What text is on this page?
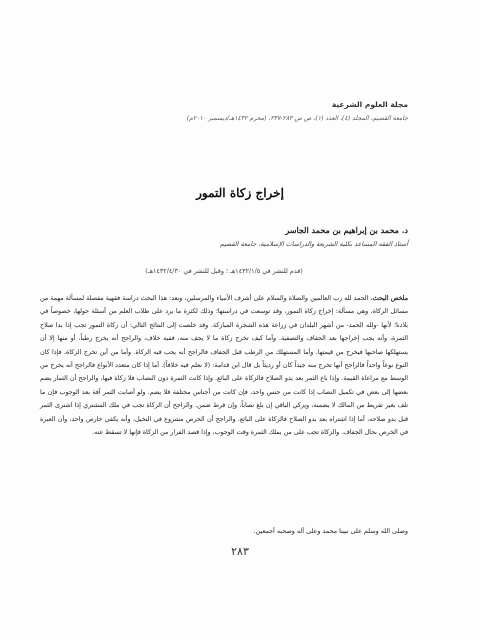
مجلة العلوم الشرعية
جامعة القصيم، المجلد (٤)، العدد (١)، ص ص ٢٨٣-٣٣٧، (محرم ١٤٣٢هـ/ديسمبر ٢٠١٠م)
إخراج زكاة التمور
د. محمد بن إبراهيم بن محمد الجاسر
أستاذ الفقه المساعد بكلية الشريعة والدراسات الإسلامية، جامعة القصيم
(قدم للنشر في ١٤٣٢/١/٥هـ ؛ وقبل للنشر في ١٤٣٢/٤/٣٠هـ)

ملخص البحث. الحمد لله رب العالمين والصلاة والسلام على أشرف الأنبياء والمرسلين، وبعد: هذا البحث دراسة فقهية مفصلة لمسألة مهمة من مسائل الزكاة، وهي مسألة: إخراج زكاة التمور، وقد توسعت في دراستها؛ وذلك لكثرة ما يرد على طلاب العلم من أسئلة حولها، خصوصاً في بلادنا؛ لأنها -ولله الحمد- من أشهر البلدان في زراعة هذه الشجرة المباركة. وقد خلصت إلى النتائج التالي: أن زكاة التمور تجب إذا بدا صلاح الثمرة، وأنه يجب إخراجها بعد الجفاف والتصفية. وأما كيف تخرج زكاة ما لا يجف منه، ففيه خلاف، والراجح أنه يخرج رطباً، أو منها إلا أن يستهلكها صاحبها فيخرج من قيمتها. وأما المستهلك من الرطب قبل الجفاف فالراجح أنه يجب فيه الزكاة. وأما من أين تخرج الزكاة، فإذا كان النوع نوعاً واحداً فالراجح أنها تخرج منه جيداً كان أو رديئاً بل قال ابن قدامة: (لا نعلم فيه خلافاً). أما إذا كان متعدد الأنواع فالراجح أنه يخرج من الوسط مع مراعاة القيمة. وإذا باع الثمر بعد بدو الصلاح فالزكاة على البائع. وإذا كانت الثمرة دون النصاب فلا زكاة فيها، والراجح أن الثمار يضم بعضها إلى بعض في تكميل النصاب إذا كانت من جنس واحد، فإن كانت من أجناس مختلفة فلا يضم. ولو أصابت الثمر آفة بعد الوجوب فإن ما تلف بغير تفريط من المالك لا يضمنه، ويزكي الباقي إن بلغ نصاباً، وإن فرط ضمن. والراجح أن الزكاة تجب في ملك المشتري إذا اشترى الثمر قبل بدو صلاحه، أما إذا اشتراه بعد بدو الصلاح فالزكاة على البائع. والراجح أن الخرص مشروع في النخيل، وأنه يكفي خارص واحد، وأن العبرة في الخرص بحال الجفاف. والزكاة تجب على من يملك الثمرة وقت الوجوب، وإذا قصد الفرار من الزكاة فإنها لا تسقط عنه.

وصلى الله وسلم على نبينا محمد وعلى آله وصحبه أجمعين.
٢٨٣
